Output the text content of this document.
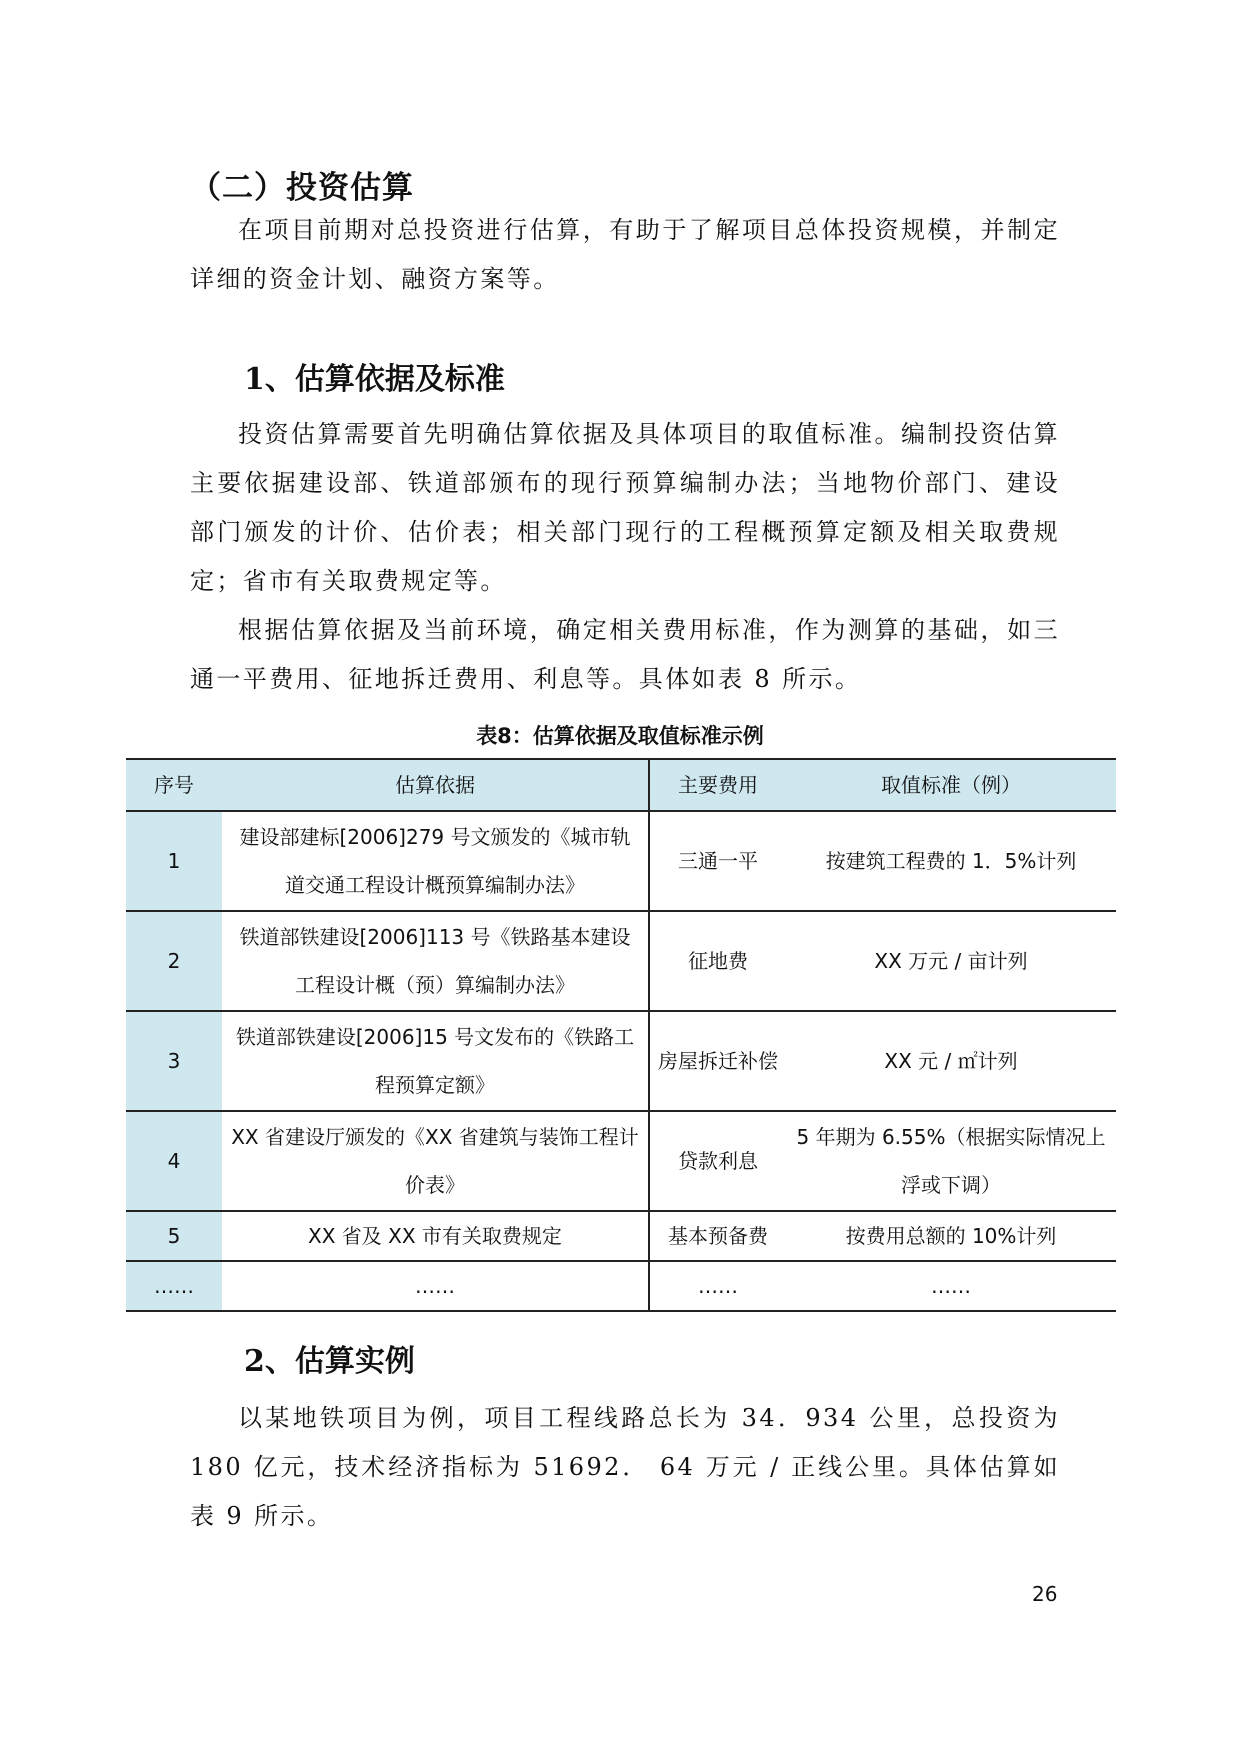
（二）投资估算

在项目前期对总投资进行估算，有助于了解项目总体投资规模，并制定详细的资金计划、融资方案等。

1、估算依据及标准

投资估算需要首先明确估算依据及具体项目的取值标准。编制投资估算主要依据建设部、铁道部颁布的现行预算编制办法；当地物价部门、建设部门颁发的计价、估价表；相关部门现行的工程概预算定额及相关取费规定；省市有关取费规定等。

根据估算依据及当前环境，确定相关费用标准，作为测算的基础，如三通一平费用、征地拆迁费用、利息等。具体如表 8 所示。

表8：估算依据及取值标准示例

序号	估算依据	主要费用	取值标准（例）
1	建设部建标[2006]279 号文颁发的《城市轨道交通工程设计概预算编制办法》	三通一平	按建筑工程费的 1．5%计列
2	铁道部铁建设[2006]113 号《铁路基本建设工程设计概（预）算编制办法》	征地费	XX 万元 / 亩计列
3	铁道部铁建设[2006]15 号文发布的《铁路工程预算定额》	房屋拆迁补偿	XX 元 / ㎡计列
4	XX 省建设厅颁发的《XX 省建筑与装饰工程计价表》	贷款利息	5 年期为 6.55%（根据实际情况上浮或下调）
5	XX 省及 XX 市有关取费规定	基本预备费	按费用总额的 10%计列
……	……	……	……
2、估算实例

以某地铁项目为例，项目工程线路总长为 34．934 公里，总投资为 180 亿元，技术经济指标为 51692． 64 万元 / 正线公里。具体估算如表 9 所示。

26
